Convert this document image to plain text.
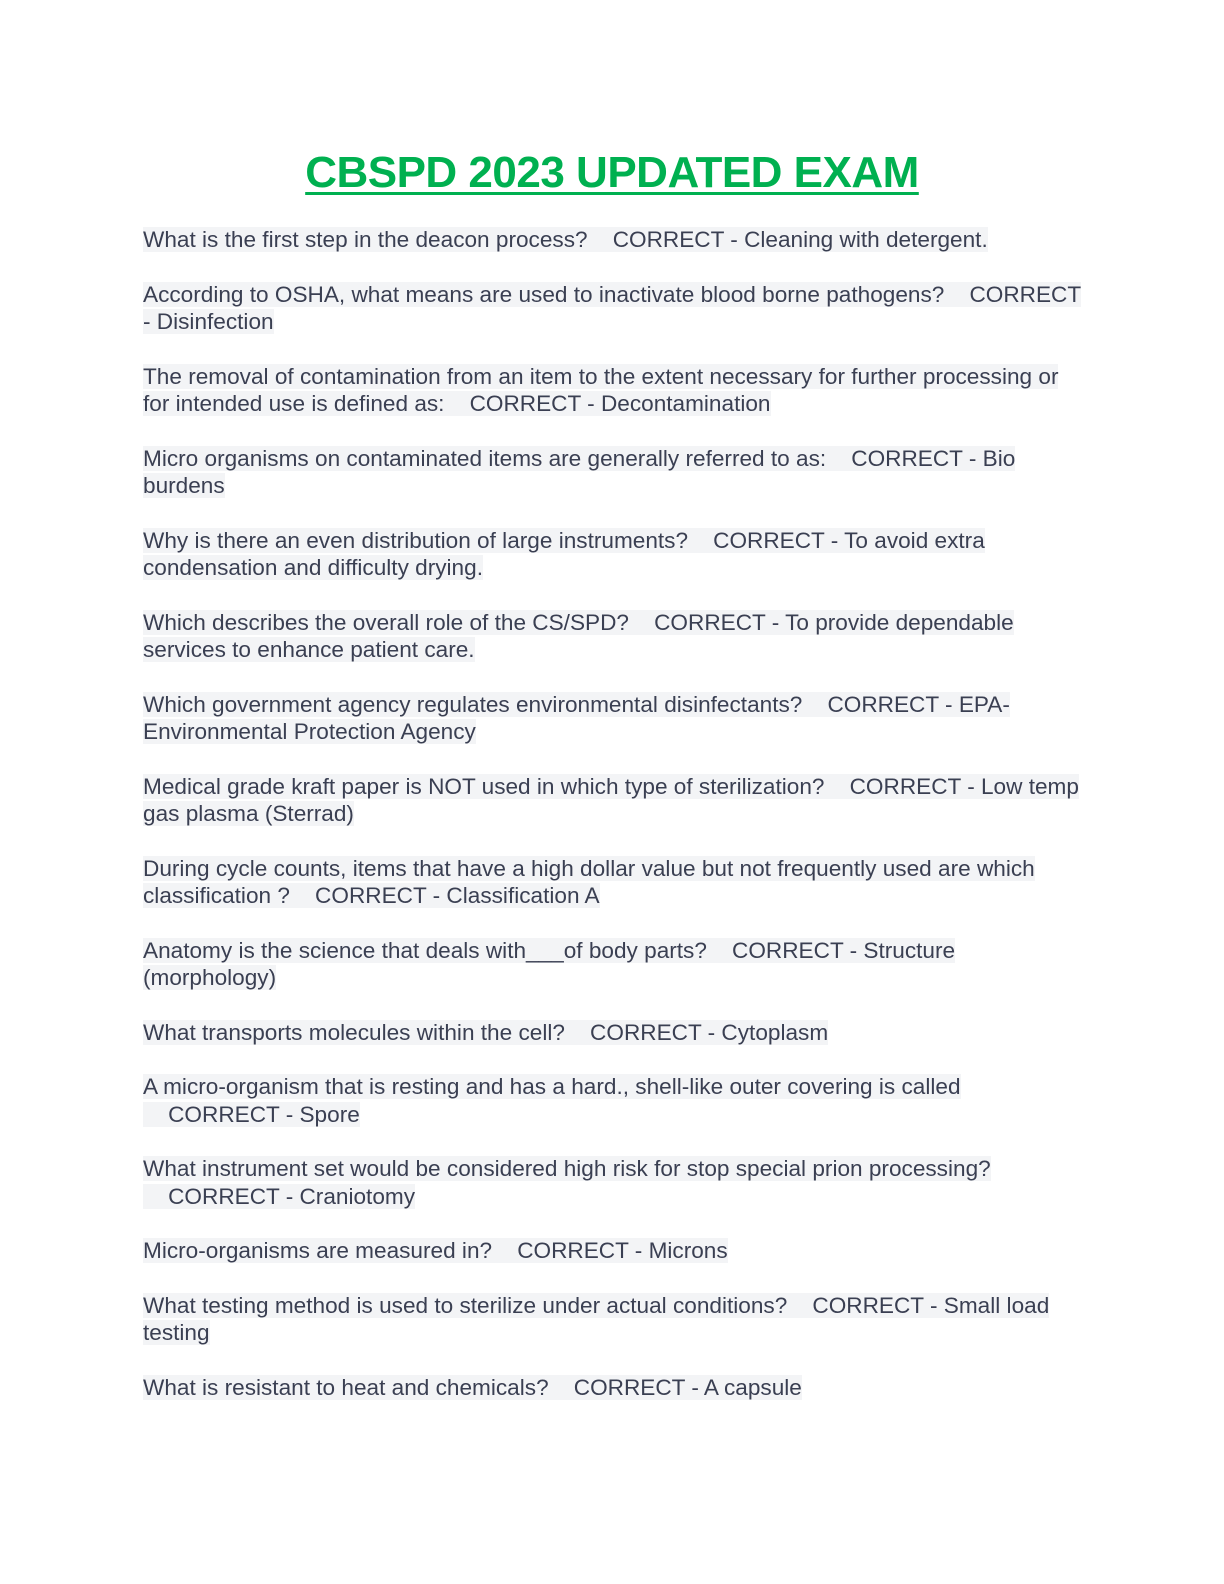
CBSPD 2023 UPDATED EXAM

What is the first step in the deacon process? CORRECT - Cleaning with detergent.

According to OSHA, what means are used to inactivate blood borne pathogens? CORRECT - Disinfection

The removal of contamination from an item to the extent necessary for further processing or for intended use is defined as: CORRECT - Decontamination

Micro organisms on contaminated items are generally referred to as: CORRECT - Bio burdens

Why is there an even distribution of large instruments? CORRECT - To avoid extra condensation and difficulty drying.

Which describes the overall role of the CS/SPD? CORRECT - To provide dependable services to enhance patient care.

Which government agency regulates environmental disinfectants? CORRECT - EPA-Environmental Protection Agency

Medical grade kraft paper is NOT used in which type of sterilization? CORRECT - Low temp gas plasma (Sterrad)

During cycle counts, items that have a high dollar value but not frequently used are which classification ? CORRECT - Classification A

Anatomy is the science that deals with___of body parts? CORRECT - Structure (morphology)

What transports molecules within the cell? CORRECT - Cytoplasm

A micro-organism that is resting and has a hard., shell-like outer covering is called    CORRECT - Spore

What instrument set would be considered high risk for stop special prion processing?    CORRECT - Craniotomy

Micro-organisms are measured in? CORRECT - Microns

What testing method is used to sterilize under actual conditions? CORRECT - Small load testing

What is resistant to heat and chemicals? CORRECT - A capsule
